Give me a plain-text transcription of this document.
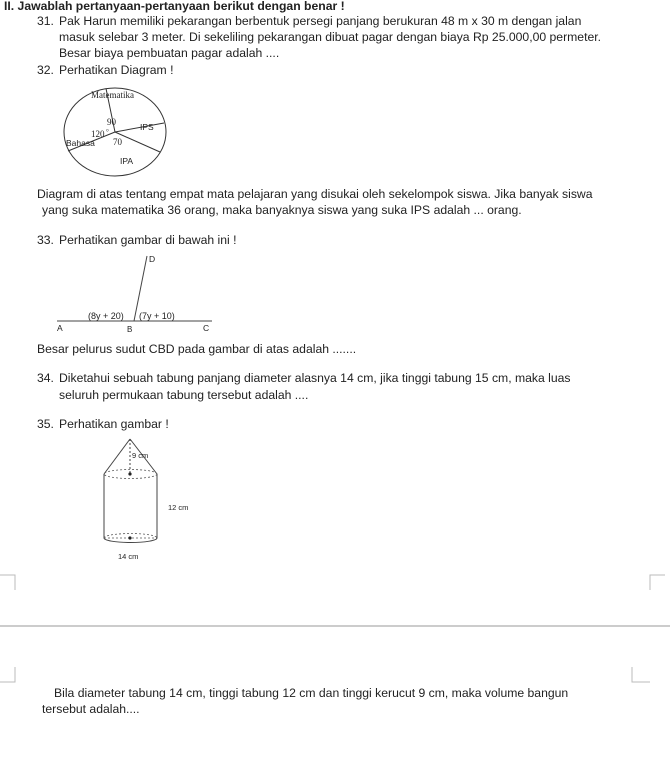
II. Jawablah pertanyaan-pertanyaan berikut dengan benar !
31. Pak Harun memiliki pekarangan berbentuk persegi panjang berukuran 48 m x 30 m dengan jalan
masuk selebar 3 meter. Di sekeliling pekarangan dibuat pagar dengan biaya Rp 25.000,00 permeter.
Besar biaya pembuatan pagar adalah ....
32. Perhatikan Diagram !
Matematika
IPS
Bahasa
IPA
90
120 °
70
Diagram di atas tentang empat mata pelajaran yang disukai oleh sekelompok siswa. Jika banyak siswa
yang suka matematika 36 orang, maka banyaknya siswa yang suka IPS adalah ... orang.
33. Perhatikan gambar di bawah ini !
D
A	B	C
(8y + 20) (7y + 10)
Besar pelurus sudut CBD pada gambar di atas adalah .......
34. Diketahui sebuah tabung panjang diameter alasnya 14 cm, jika tinggi tabung 15 cm, maka luas
seluruh permukaan tabung tersebut adalah ....
35. Perhatikan gambar !
9 cm
12 cm
14 cm
Bila diameter tabung 14 cm, tinggi tabung 12 cm dan tinggi kerucut 9 cm, maka volume bangun
tersebut adalah....
